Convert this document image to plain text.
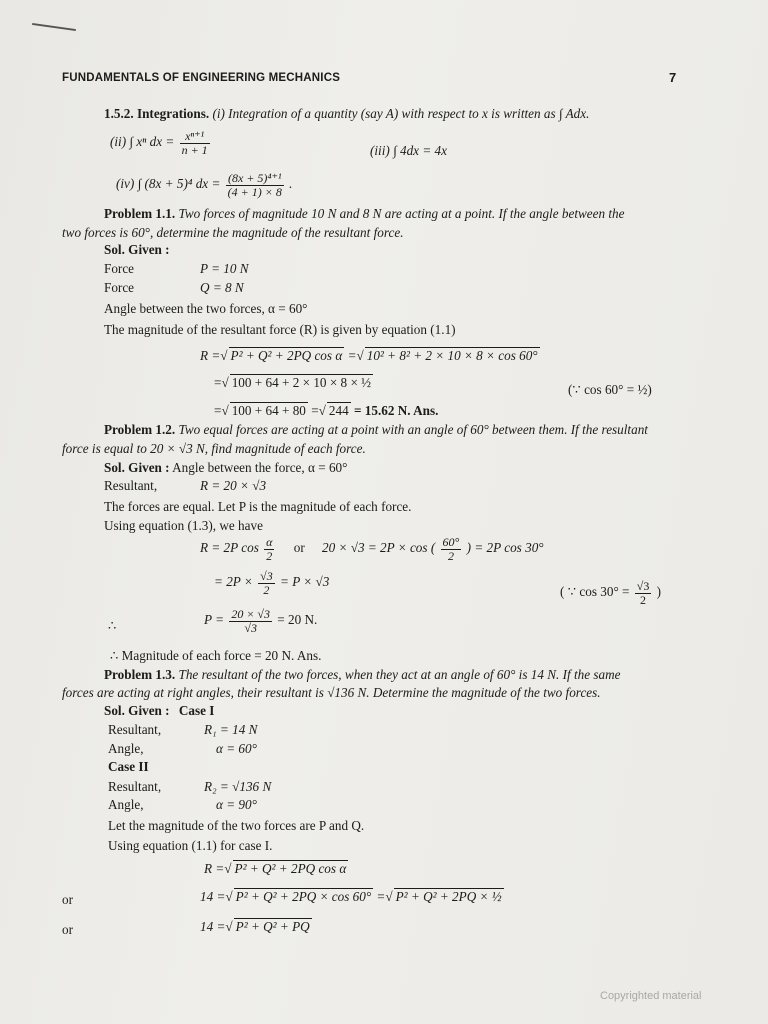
FUNDAMENTALS OF ENGINEERING MECHANICS	7
1.5.2. Integrations. (i) Integration of a quantity (say A) with respect to x is written as ∫ Adx.
(ii) ∫ xⁿ dx = $\frac{\text{xⁿ⁺¹}}{n + 1}$	(iii) ∫ 4dx = 4x
(iv) ∫ (8x + 5)⁴ dx = $\frac{\text{(8x + 5)⁴⁺¹}}{(4 + 1) \times 8}$ .
Problem 1.1. Two forces of magnitude 10 N and 8 N are acting at a point. If the angle between the
two forces is 60°, determine the magnitude of the resultant force.
Sol. Given :
Force	P = 10 N
Force	Q = 8 N
Angle between the two forces, α = 60°
The magnitude of the resultant force (R) is given by equation (1.1)
R =√ P² + Q² + 2PQ cos α =√ 10² + 8² + 2 × 10 × 8 × cos 60°
=√ 100 + 64 + 2 × 10 × 8 × ½	(∵ cos 60° = ½)
=√ 100 + 64 + 80 =√ 244 = 15.62 N. Ans.
Problem 1.2. Two equal forces are acting at a point with an angle of 60° between them. If the resultant
force is equal to 20 × √3 N, find magnitude of each force.
Sol. Given : Angle between the force, α = 60°
Resultant,	R = 20 × √3
The forces are equal. Let P is the magnitude of each force.
Using equation (1.3), we have
R = 2P $\cos \frac{\alpha}{2}$ or 20 × √3 = 2P × cos ( $\frac{60^\circ}{2}$ ) = 2P cos 30°
= $2P \times \frac{√3}{2} = P \times √3$
( ∵ $\cos 30^\circ = \frac{√3}{2}$ )
∴	$P = \frac{20 \times √3}{√3} = 20$ N.
∴ Magnitude of each force = 20 N. Ans.
Problem 1.3. The resultant of the two forces, when they act at an angle of 60° is 14 N. If the same
forces are acting at right angles, their resultant is √136 N. Determine the magnitude of the two forces.
Sol. Given : Case I
Resultant,	R₁ = 14 N
Angle,	α = 60°
Case II
Resultant,	R₂ = √136 N
Angle,	α = 90°
Let the magnitude of the two forces are P and Q.
Using equation (1.1) for case I.
R =√ P² + Q² + 2PQ cos α
or	14 =√ P² + Q² + 2PQ × cos 60° =√ P² + Q² + 2PQ × ½
or	14 =√ P² + Q² + PQ
Copyrighted material
